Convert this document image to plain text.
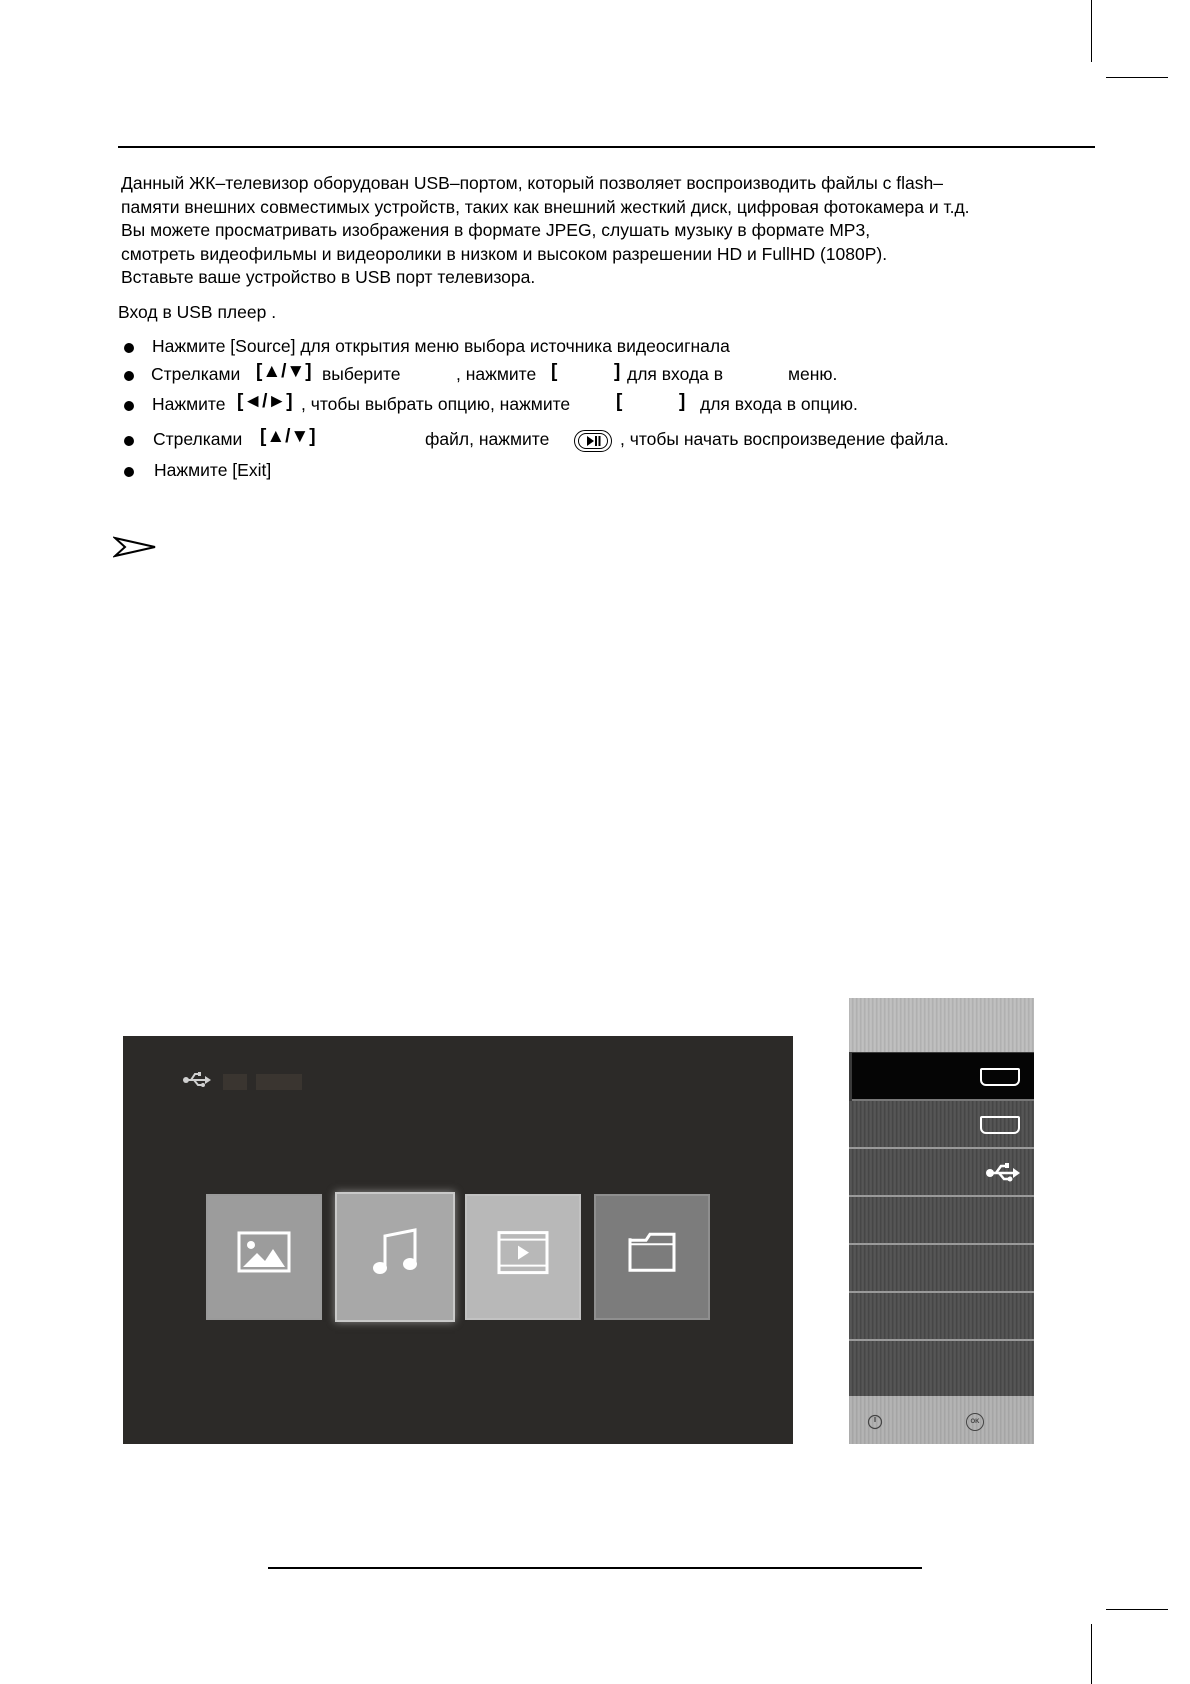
Данный ЖК–телевизор оборудован USB–портом, который позволяет воспроизводить файлы с flash–

памяти внешних совместимых устройств, таких как внешний жесткий диск, цифровая фотокамера и т.д.

Вы можете просматривать изображения в формате JPEG, слушать музыку в формате MP3,

смотреть видеофильмы и видеоролики в низком и высоком разрешении HD и FullHD (1080P).

Вставьте ваше устройство в USB порт телевизора.

Вход в USB плеер .
Нажмите [Source] для открытия меню выбора источника видеосигнала
Стрелками [▲/▼] выберите	, нажмите [	] для входа в	меню.
Нажмите [◄/►] , чтобы выбрать опцию, нажмите [	] для входа в опцию.
Стрелками [▲/▼]	файл, нажмите	, чтобы начать воспроизведение файла.
Нажмите [Exit]
OK
